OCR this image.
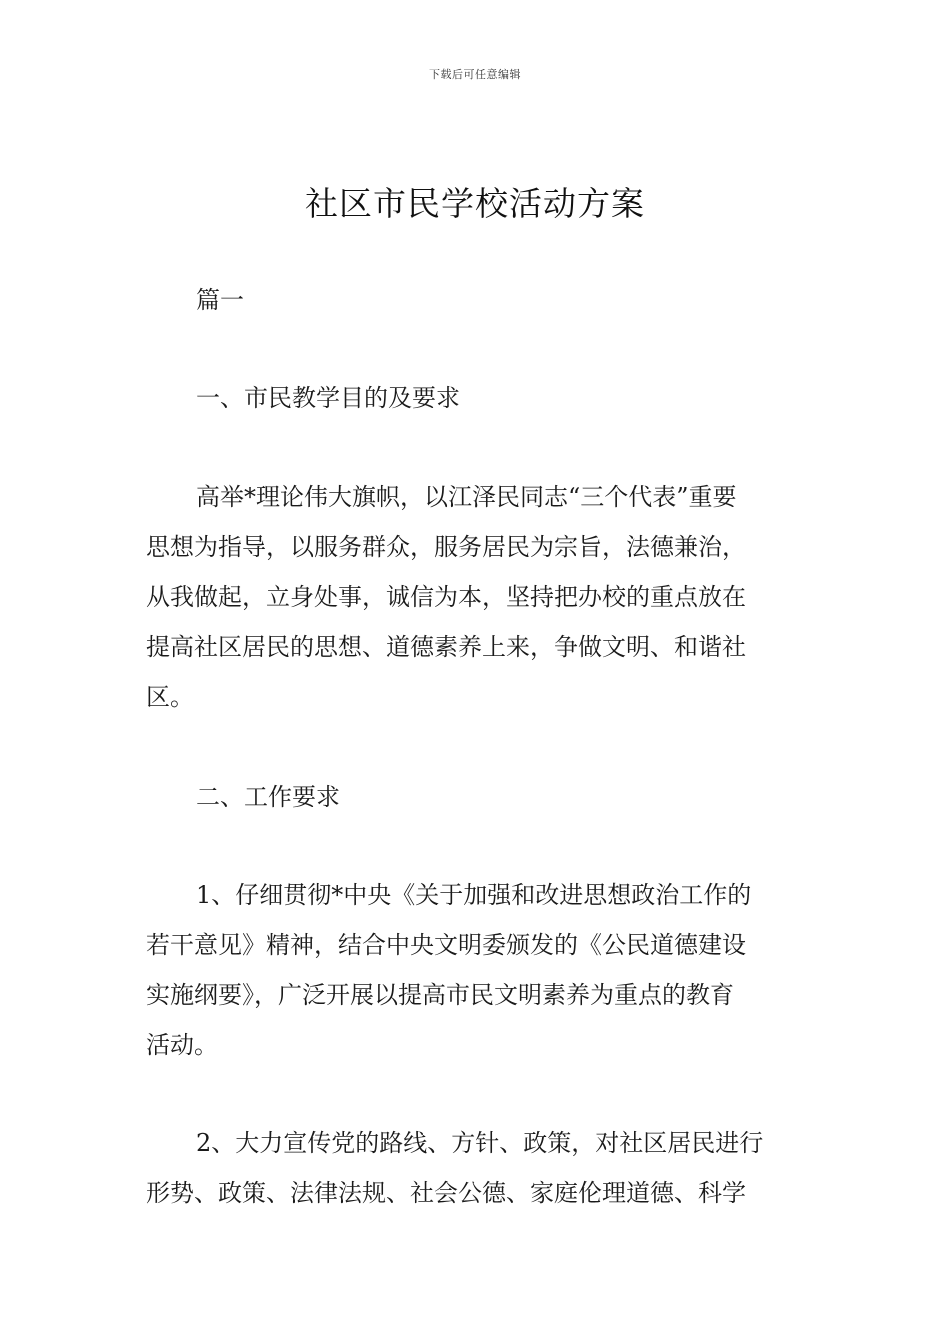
下载后可任意编辑
社区市民学校活动方案
篇一
一、市民教学目的及要求
高举*理论伟大旗帜，以江泽民同志“三个代表”重要
思想为指导，以服务群众，服务居民为宗旨，法德兼治，
从我做起，立身处事，诚信为本，坚持把办校的重点放在
提高社区居民的思想、道德素养上来，争做文明、和谐社
区。
二、工作要求
1、仔细贯彻*中央《关于加强和改进思想政治工作的
若干意见》精神，结合中央文明委颁发的《公民道德建设
实施纲要》，广泛开展以提高市民文明素养为重点的教育
活动。
2、大力宣传党的路线、方针、政策，对社区居民进行
形势、政策、法律法规、社会公德、家庭伦理道德、科学
